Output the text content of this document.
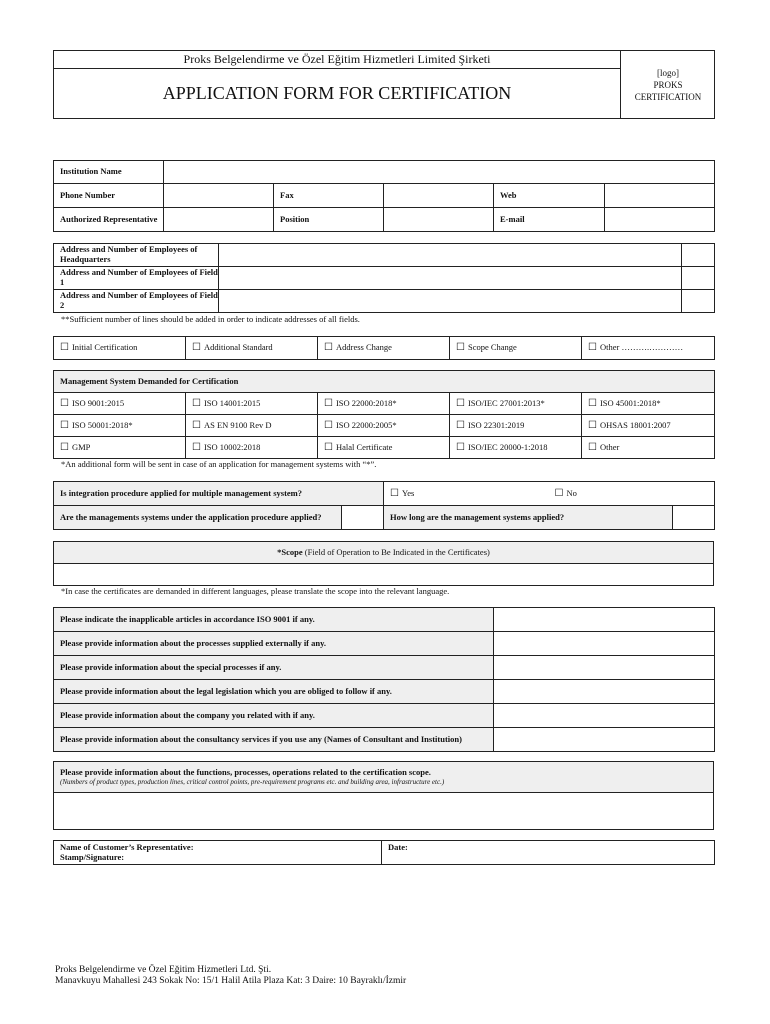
Proks Belgelendirme ve Özel Eğitim Hizmetleri Limited Şirketi
APPLICATION FORM FOR CERTIFICATION
[logo]
PROKS
CERTIFICATION
Institution Name					
Phone Number		Fax		Web	
Authorized Representative		Position		E-mail	
Address and Number of Employees of Headquarters		
Address and Number of Employees of Field 1		
Address and Number of Employees of Field 2		
**Sufficient number of lines should be added in order to indicate addresses of all fields.
☐ Initial Certification	☐Additional Standard	☐Address Change	☐Scope Change	☐Other ……….…………
Management System Demanded for Certification				
☐ ISO 9001:2015	☐ ISO 14001:2015	☐ ISO 22000:2018*	☐ ISO/IEC 27001:2013*	☐ ISO 45001:2018*
☐ ISO 50001:2018*	☐ AS EN 9100 Rev D	☐ ISO 22000:2005*	☐ ISO 22301:2019	☐ OHSAS 18001:2007
☐ GMP	☐ ISO 10002:2018	☐ Halal Certificate	☐ ISO/IEC 20000-1:2018	☐ Other
*An additional form will be sent in case of an application for management systems with “*”.
Is integration procedure applied for multiple management system?		☐ Yes	☐ No
Are the managements systems under the application procedure applied?		How long are the management systems applied?		
*Scope (Field of Operation to Be Indicated in the Certificates)

*In case the certificates are demanded in different languages, please translate the scope into the relevant language.
Please indicate the inapplicable articles in accordance ISO 9001 if any.	
Please provide information about the processes supplied externally if any.	
Please provide information about the special processes if any.	
Please provide information about the legal legislation which you are obliged to follow if any.	
Please provide information about the company you related with if any.	
Please provide information about the consultancy services if you use any (Names of Consultant and Institution)	
Please provide information about the functions, processes, operations related to the certification scope.
(Numbers of product types, production lines, critical control points, pre-requirement programs etc. and building area, infrastructure etc.)

Name of Customer’s Representative:
Stamp/Signature:
	Date:
Proks Belgelendirme ve Özel Eğitim Hizmetleri Ltd. Şti.
Manavkuyu Mahallesi 243 Sokak No: 15/1 Halil Atila Plaza Kat: 3 Daire: 10 Bayraklı/İzmir
